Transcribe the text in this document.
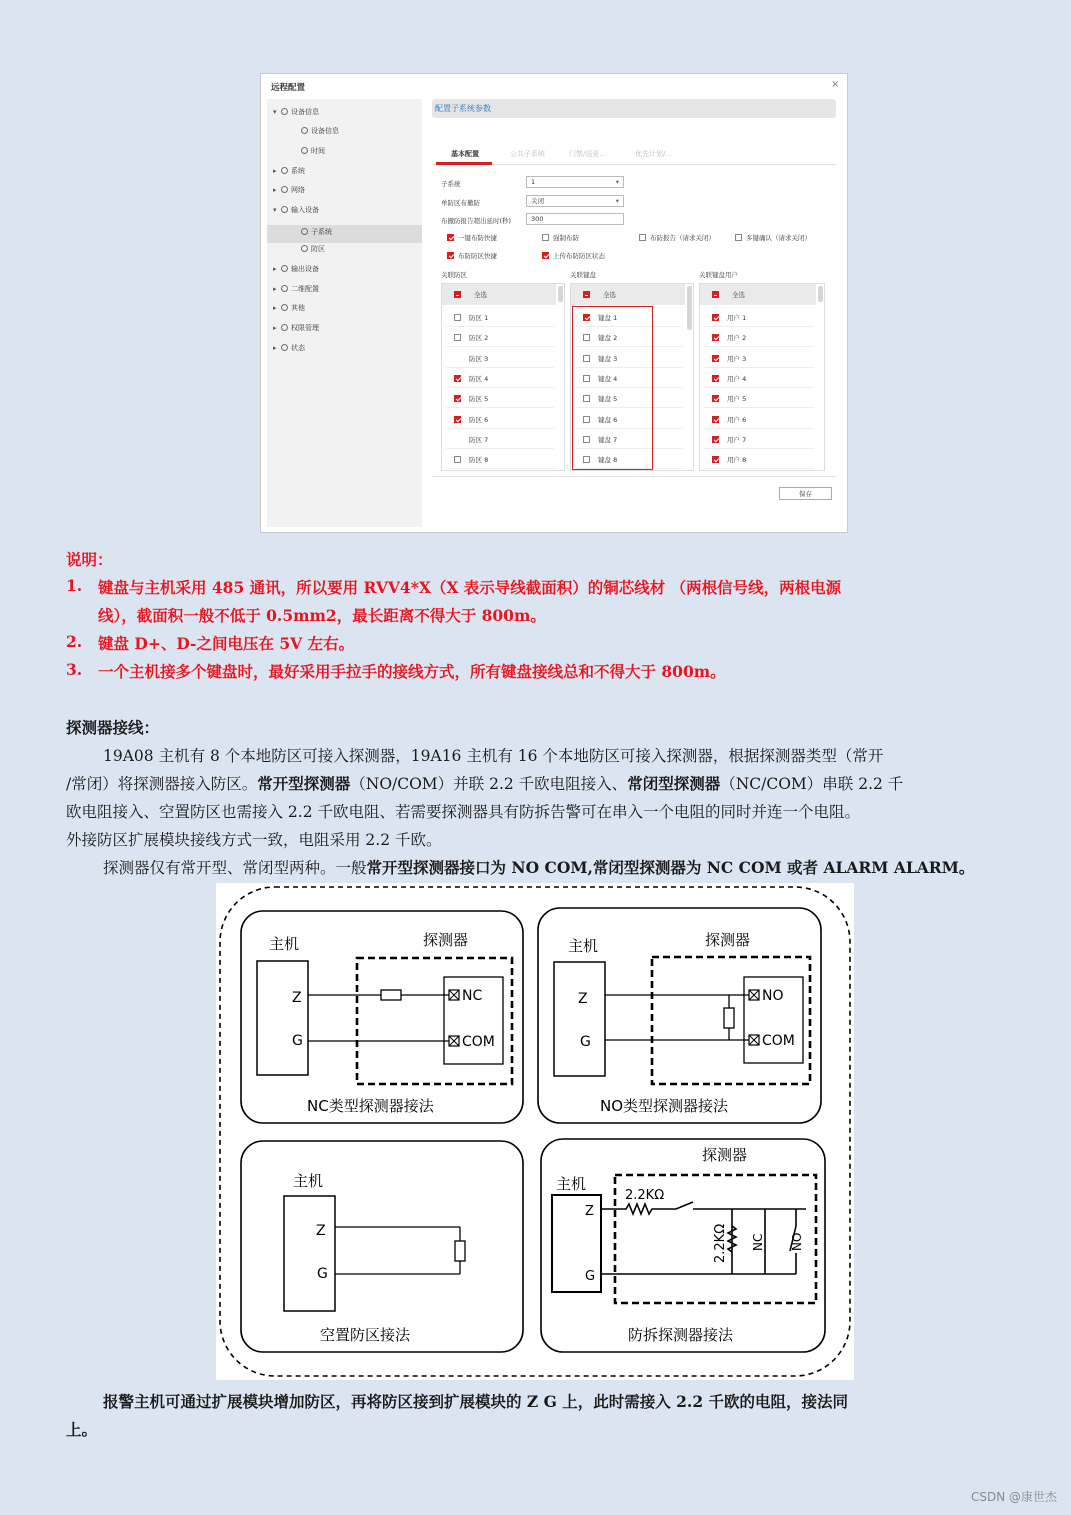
远程配置	×
▾ 设备信息
设备信息
时间
▸ 系统
▸ 网络
▾ 输入设备
子系统
防区
▸ 输出设备
▸ 二维配置
▸ 其他
▸ 权限管理
▸ 状态
配置子系统参数
基本配置	公共子系统	门禁/巡更...	优先计划/...
子系统	1	▾
单防区布撤防	关闭	▾
布撤防报告超出延时(秒)	300
关联防区	关联键盘	关联键盘用户
全选
防区 1
防区 2
防区 3
防区 4
防区 5
防区 6
防区 7
防区 8
全选
键盘 1
键盘 2
键盘 3
键盘 4
键盘 5
键盘 6
键盘 7
键盘 8
全选
用户 1
用户 2
用户 3
用户 4
用户 5
用户 6
用户 7
用户 8
保存
一键布防快捷	强制布防	布防报告（请求关闭）	多键确认（请求关闭）
布防防区快捷	上传布防防区状态
说明：
1. 键盘与主机采用 485 通讯，所以要用 RVV4*X（X 表示导线截面积）的铜芯线材 （两根信号线，两根电源
线），截面积一般不低于 0.5mm2，最长距离不得大于 800m。
2. 键盘 D+、D-之间电压在 5V 左右。
3. 一个主机接多个键盘时，最好采用手拉手的接线方式，所有键盘接线总和不得大于 800m。
探测器接线：
19A08 主机有 8 个本地防区可接入探测器，19A16 主机有 16 个本地防区可接入探测器，根据探测器类型（常开
/常闭）将探测器接入防区。常开型探测器（NO/COM）并联 2.2 千欧电阻接入、常闭型探测器（NC/COM）串联 2.2 千
欧电阻接入、空置防区也需接入 2.2 千欧电阻、若需要探测器具有防拆告警可在串入一个电阻的同时并连一个电阻。
外接防区扩展模块接线方式一致，电阻采用 2.2 千欧。
探测器仅有常开型、常闭型两种。一般常开型探测器接口为 NO COM,常闭型探测器为 NC COM 或者 ALARM ALARM。
主机	探测器
Z
G
NC
COM
NC类型探测器接法
主机	探测器
Z
G
NO
COM
NO类型探测器接法
主机
Z
G
空置防区接法
探测器
主机
Z
G
2.2KΩ
2.2KΩ NC NO
防拆探测器接法
报警主机可通过扩展模块增加防区，再将防区接到扩展模块的 Z G 上，此时需接入 2.2 千欧的电阻，接法同
上。
CSDN @康世杰
